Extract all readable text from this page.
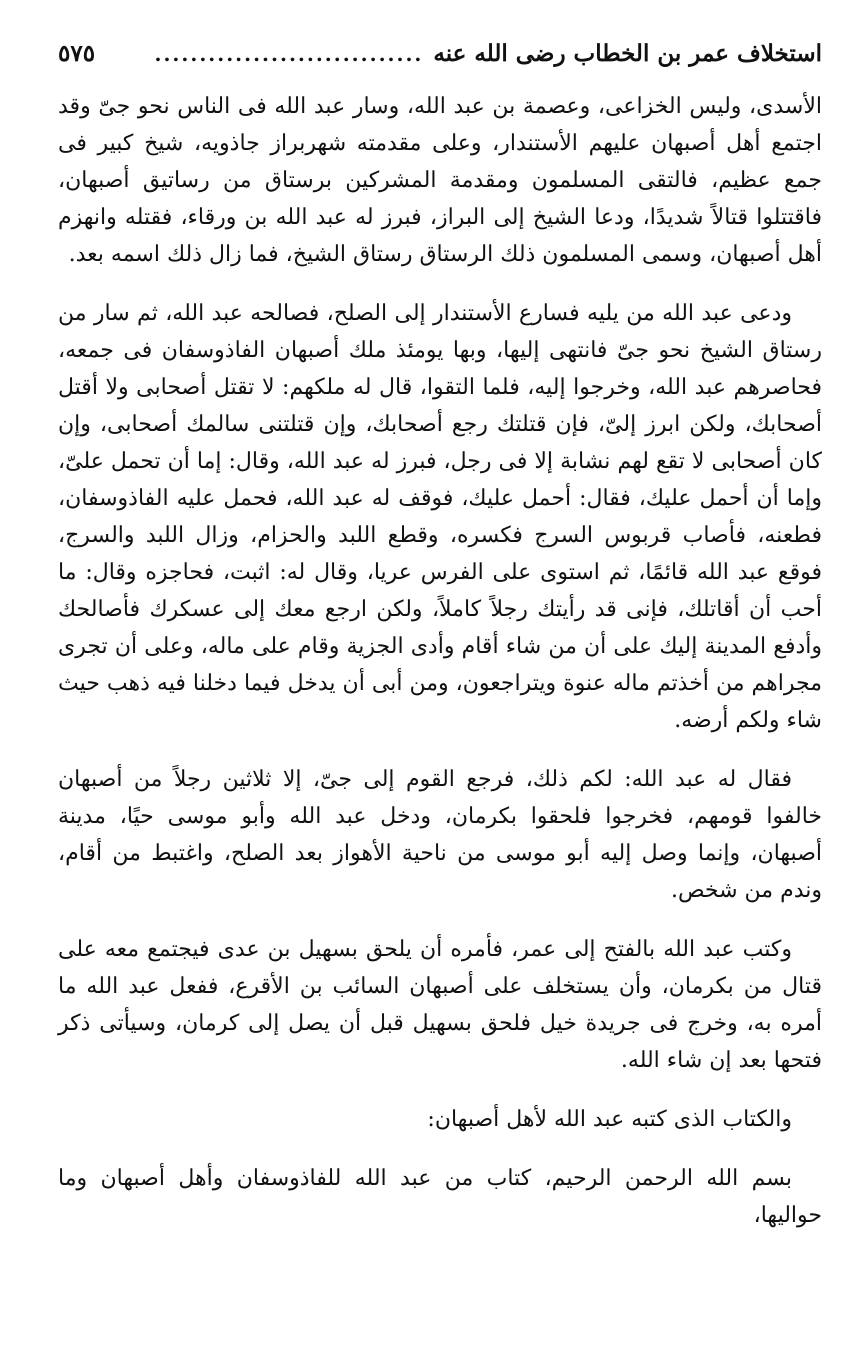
استخلاف عمر بن الخطاب رضى الله عنه
..............................
٥٧٥

الأسدى، وليس الخزاعى، وعصمة بن عبد الله، وسار عبد الله فى الناس نحو جىّ وقد اجتمع أهل أصبهان عليهم الأستندار، وعلى مقدمته شهربراز جاذويه، شيخ كبير فى جمع عظيم، فالتقى المسلمون ومقدمة المشركين برستاق من رساتيق أصبهان، فاقتتلوا قتالاً شديدًا، ودعا الشيخ إلى البراز، فبرز له عبد الله بن ورقاء، فقتله وانهزم أهل أصبهان، وسمى المسلمون ذلك الرستاق رستاق الشيخ، فما زال ذلك اسمه بعد.

ودعى عبد الله من يليه فسارع الأستندار إلى الصلح، فصالحه عبد الله، ثم سار من رستاق الشيخ نحو جىّ فانتهى إليها، وبها يومئذ ملك أصبهان الفاذوسفان فى جمعه، فحاصرهم عبد الله، وخرجوا إليه، فلما التقوا، قال له ملكهم: لا تقتل أصحابى ولا أقتل أصحابك، ولكن ابرز إلىّ، فإن قتلتك رجع أصحابك، وإن قتلتنى سالمك أصحابى، وإن كان أصحابى لا تقع لهم نشابة إلا فى رجل، فبرز له عبد الله، وقال: إما أن تحمل علىّ، وإما أن أحمل عليك، فقال: أحمل عليك، فوقف له عبد الله، فحمل عليه الفاذوسفان، فطعنه، فأصاب قربوس السرج فكسره، وقطع اللبد والحزام، وزال اللبد والسرج، فوقع عبد الله قائمًا، ثم استوى على الفرس عريا، وقال له: اثبت، فحاجزه وقال: ما أحب أن أقاتلك، فإنى قد رأيتك رجلاً كاملاً، ولكن ارجع معك إلى عسكرك فأصالحك وأدفع المدينة إليك على أن من شاء أقام وأدى الجزية وقام على ماله، وعلى أن تجرى مجراهم من أخذتم ماله عنوة ويتراجعون، ومن أبى أن يدخل فيما دخلنا فيه ذهب حيث شاء ولكم أرضه.

فقال له عبد الله: لكم ذلك، فرجع القوم إلى جىّ، إلا ثلاثين رجلاً من أصبهان خالفوا قومهم، فخرجوا فلحقوا بكرمان، ودخل عبد الله وأبو موسى حيًا، مدينة أصبهان، وإنما وصل إليه أبو موسى من ناحية الأهواز بعد الصلح، واغتبط من أقام، وندم من شخص.

وكتب عبد الله بالفتح إلى عمر، فأمره أن يلحق بسهيل بن عدى فيجتمع معه على قتال من بكرمان، وأن يستخلف على أصبهان السائب بن الأقرع، ففعل عبد الله ما أمره به، وخرج فى جريدة خيل فلحق بسهيل قبل أن يصل إلى كرمان، وسيأتى ذكر فتحها بعد إن شاء الله.

والكتاب الذى كتبه عبد الله لأهل أصبهان:

بسم الله الرحمن الرحيم، كتاب من عبد الله للفاذوسفان وأهل أصبهان وما حواليها،
